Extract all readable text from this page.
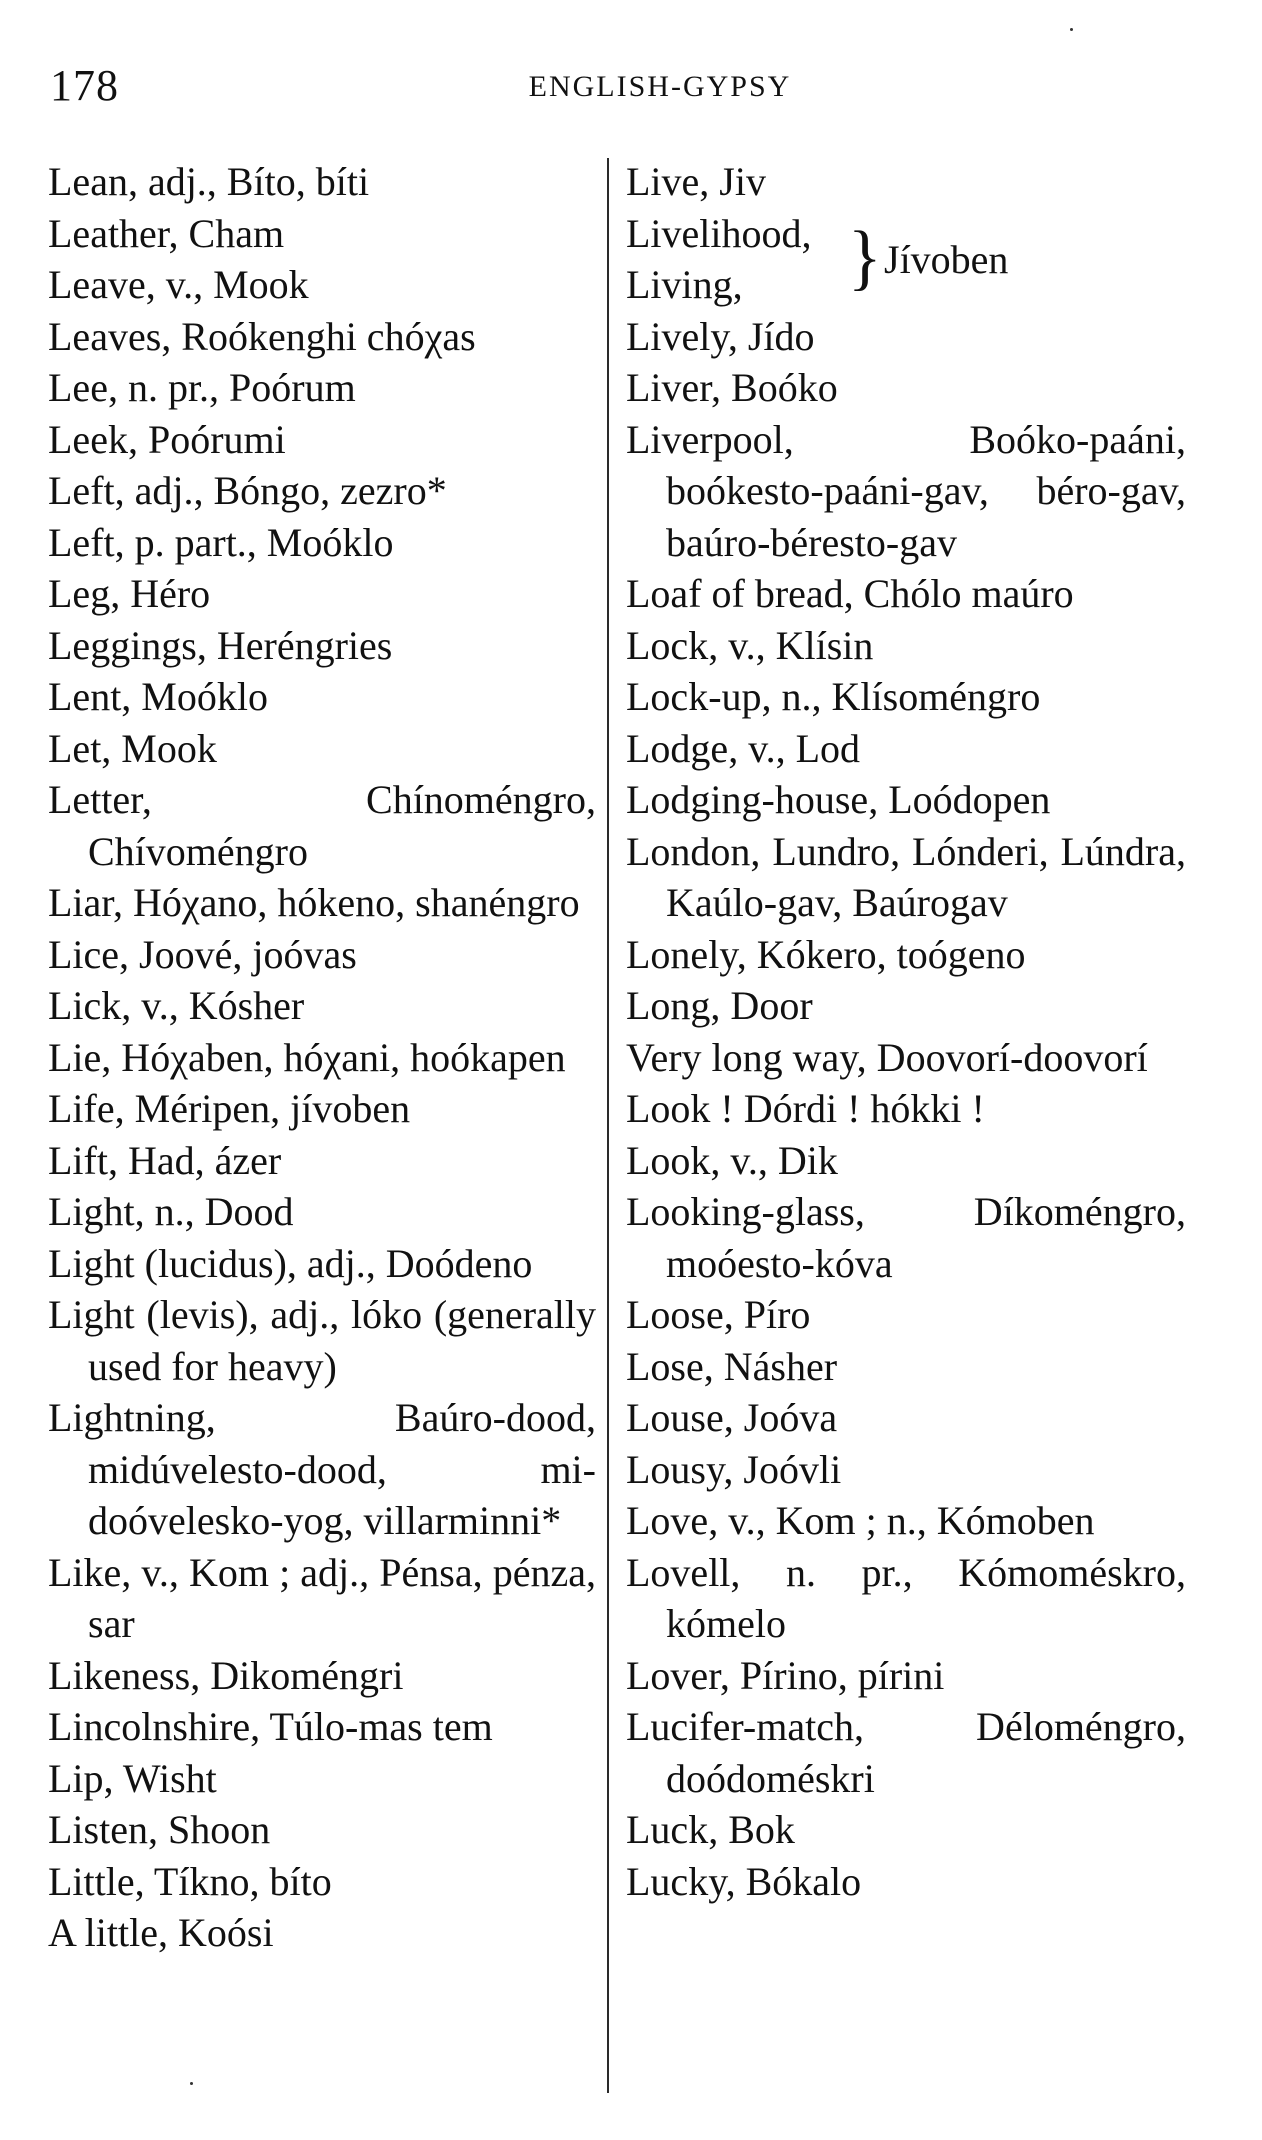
178	ENGLISH-GYPSY
Lean, adj., Bíto, bíti
Leather, Cham
Leave, v., Mook
Leaves, Roókenghi chóχas
Lee, n. pr., Poórum
Leek, Poórumi
Left, adj., Bóngo, zezro*
Left, p. part., Moóklo
Leg, Héro
Leggings, Heréngries
Lent, Moóklo
Let, Mook
Letter, Chínoméngro, Chívoméngro
Liar, Hóχano, hókeno, shanéngro
Lice, Joové, joóvas
Lick, v., Kósher
Lie, Hóχaben, hóχani, hoókapen
Life, Méripen, jívoben
Lift, Had, ázer
Light, n., Dood
Light (lucidus), adj., Doódeno
Light (levis), adj., lóko (generally used for heavy)
Lightning, Baúro-dood, midúvelesto-dood, mi-doóvelesko-yog, villarminni*
Like, v., Kom ; adj., Pénsa, pénza, sar
Likeness, Dikoméngri
Lincolnshire, Túlo-mas tem
Lip, Wisht
Listen, Shoon
Little, Tíkno, bíto
A little, Koósi
Live, Jiv
Livelihood,
Living,	} Jívoben
Lively, Jído
Liver, Boóko
Liverpool, Boóko-paáni, boókesto-paáni-gav, béro-gav, baúro-béresto-gav
Loaf of bread, Chólo maúro
Lock, v., Klísin
Lock-up, n., Klísoméngro
Lodge, v., Lod
Lodging-house, Loódopen
London, Lundro, Lónderi, Lúndra, Kaúlo-gav, Baúrogav
Lonely, Kókero, toógeno
Long, Door
Very long way, Doovorí-doovorí
Look ! Dórdi ! hókki !
Look, v., Dik
Looking-glass, Díkoméngro, moóesto-kóva
Loose, Píro
Lose, Násher
Louse, Joóva
Lousy, Joóvli
Love, v., Kom ; n., Kómoben
Lovell, n. pr., Kómoméskro, kómelo
Lover, Pírino, pírini
Lucifer-match, Déloméngro, doódoméskri
Luck, Bok
Lucky, Bókalo
